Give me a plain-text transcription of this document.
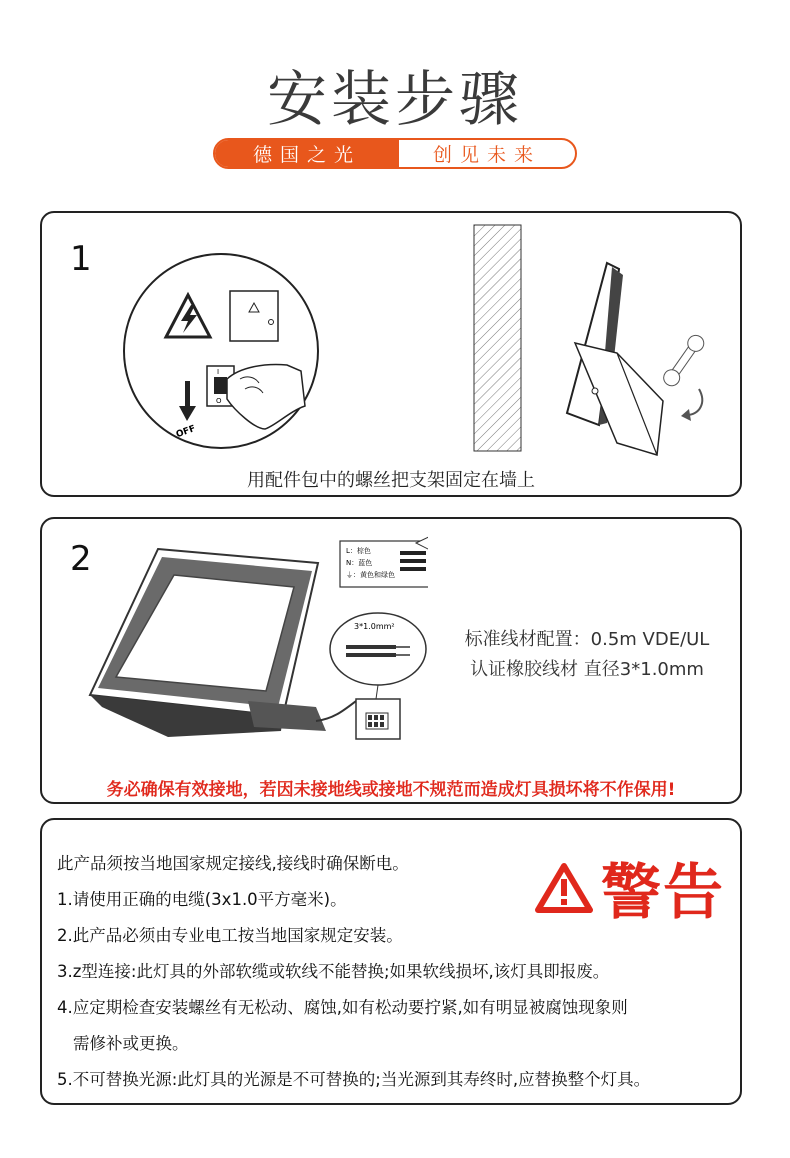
安装步骤
德国之光	创见未来
1
I
O
OFF
用配件包中的螺丝把支架固定在墙上
2
3*1.0mm²
L：棕色
N：蓝色
⏚：黄色和绿色
标准线材配置：0.5m VDE/UL
认证橡胶线材 直径3*1.0mm
务必确保有效接地，若因未接地线或接地不规范而造成灯具损坏将不作保用!
警告
此产品须按当地国家规定接线,接线时确保断电。
1.请使用正确的电缆(3x1.0平方毫米)。
2.此产品必须由专业电工按当地国家规定安装。
3.z型连接:此灯具的外部软缆或软线不能替换;如果软线损坏,该灯具即报废。
4.应定期检查安装螺丝有无松动、腐蚀,如有松动要拧紧,如有明显被腐蚀现象则
需修补或更换。
5.不可替换光源:此灯具的光源是不可替换的;当光源到其寿终时,应替换整个灯具。
